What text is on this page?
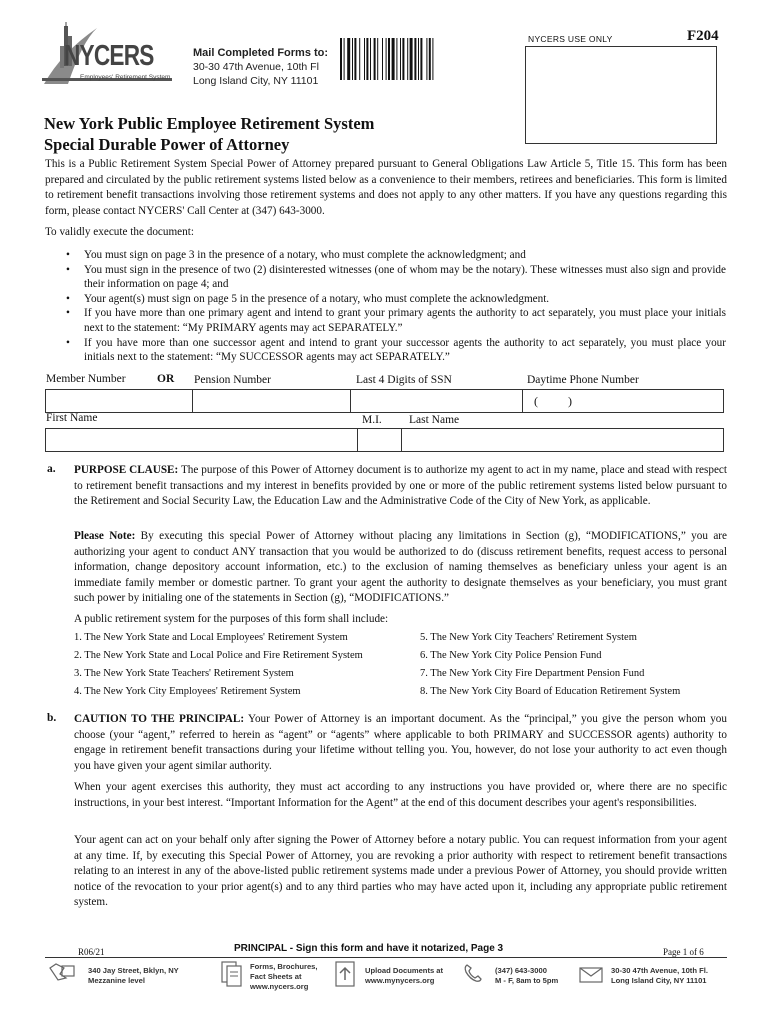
NYCERS
Employees' Retirement System
Mail Completed Forms to:
30-30 47th Avenue, 10th Fl
Long Island City, NY 11101
NYCERS USE ONLY	F204
New York Public Employee Retirement System
Special Durable Power of Attorney

This is a Public Retirement System Special Power of Attorney prepared pursuant to General Obligations Law Article 5, Title 15. This form has been prepared and circulated by the public retirement systems listed below as a convenience to their members, retirees and beneficiaries. This form is limited to retirement benefit transactions involving those retirement systems and does not apply to any other matters. If you have any questions regarding this form, please contact NYCERS' Call Center at (347) 643-3000.

To validly execute the document:
• You must sign on page 3 in the presence of a notary, who must complete the acknowledgment; and
• You must sign in the presence of two (2) disinterested witnesses (one of whom may be the notary). These witnesses must also sign and provide their information on page 4; and
• Your agent(s) must sign on page 5 in the presence of a notary, who must complete the acknowledgment.
• If you have more than one primary agent and intend to grant your primary agents the authority to act separately, you must place your initials next to the statement: “My PRIMARY agents may act SEPARATELY.”
• If you have more than one successor agent and intend to grant your successor agents the authority to act separately, you must place your initials next to the statement: “My SUCCESSOR agents may act SEPARATELY.”
Member Number	OR Pension Number	Last 4 Digits of SSN	Daytime Phone Number
(	)
First Name	M.I. Last Name
a. PURPOSE CLAUSE: The purpose of this Power of Attorney document is to authorize my agent to act in my name, place and stead with respect to retirement benefit transactions and my interest in benefits provided by one or more of the public retirement systems listed below pursuant to the Retirement and Social Security Law, the Education Law and the Administrative Code of the City of New York, as applicable.

Please Note: By executing this special Power of Attorney without placing any limitations in Section (g), “MODIFICATIONS,” you are authorizing your agent to conduct ANY transaction that you would be authorized to do (discuss retirement benefits, request access to personal information, change depository account information, etc.) to the exclusion of naming themselves as beneficiary unless your agent is an immediate family member or domestic partner. To grant your agent the authority to designate themselves as your beneficiary, you must grant such power by initialing one of the statements in Section (g), “MODIFICATIONS.”

A public retirement system for the purposes of this form shall include:
1. The New York State and Local Employees' Retirement System
2. The New York State and Local Police and Fire Retirement System
3. The New York State Teachers' Retirement System
4. The New York City Employees' Retirement System
5. The New York City Teachers' Retirement System
6. The New York City Police Pension Fund
7. The New York City Fire Department Pension Fund
8. The New York City Board of Education Retirement System
b. CAUTION TO THE PRINCIPAL: Your Power of Attorney is an important document. As the “principal,” you give the person whom you choose (your “agent,” referred to herein as “agent” or “agents” where applicable to both PRIMARY and SUCCESSOR agents) authority to engage in retirement benefit transactions during your lifetime without telling you. You, however, do not lose your authority to act even though you have given your agent similar authority.

When your agent exercises this authority, they must act according to any instructions you have provided or, where there are no specific instructions, in your best interest. “Important Information for the Agent” at the end of this document describes your agent's responsibilities.

Your agent can act on your behalf only after signing the Power of Attorney before a notary public. You can request information from your agent at any time. If, by executing this Special Power of Attorney, you are revoking a prior authority with respect to retirement benefit transactions relating to an interest in any of the above-listed public retirement systems made under a previous Power of Attorney, you should provide written notice of the revocation to your prior agent(s) and to any third parties who may have acted upon it, including any appropriate public retirement system.

R06/21	PRINCIPAL - Sign this form and have it notarized, Page 3	Page 1 of 6
340 Jay Street, Bklyn, NY
Mezzanine level
Forms, Brochures,
Fact Sheets at
www.nycers.org
Upload Documents at
www.mynycers.org
(347) 643-3000
M - F, 8am to 5pm
30-30 47th Avenue, 10th Fl.
Long Island City, NY 11101
